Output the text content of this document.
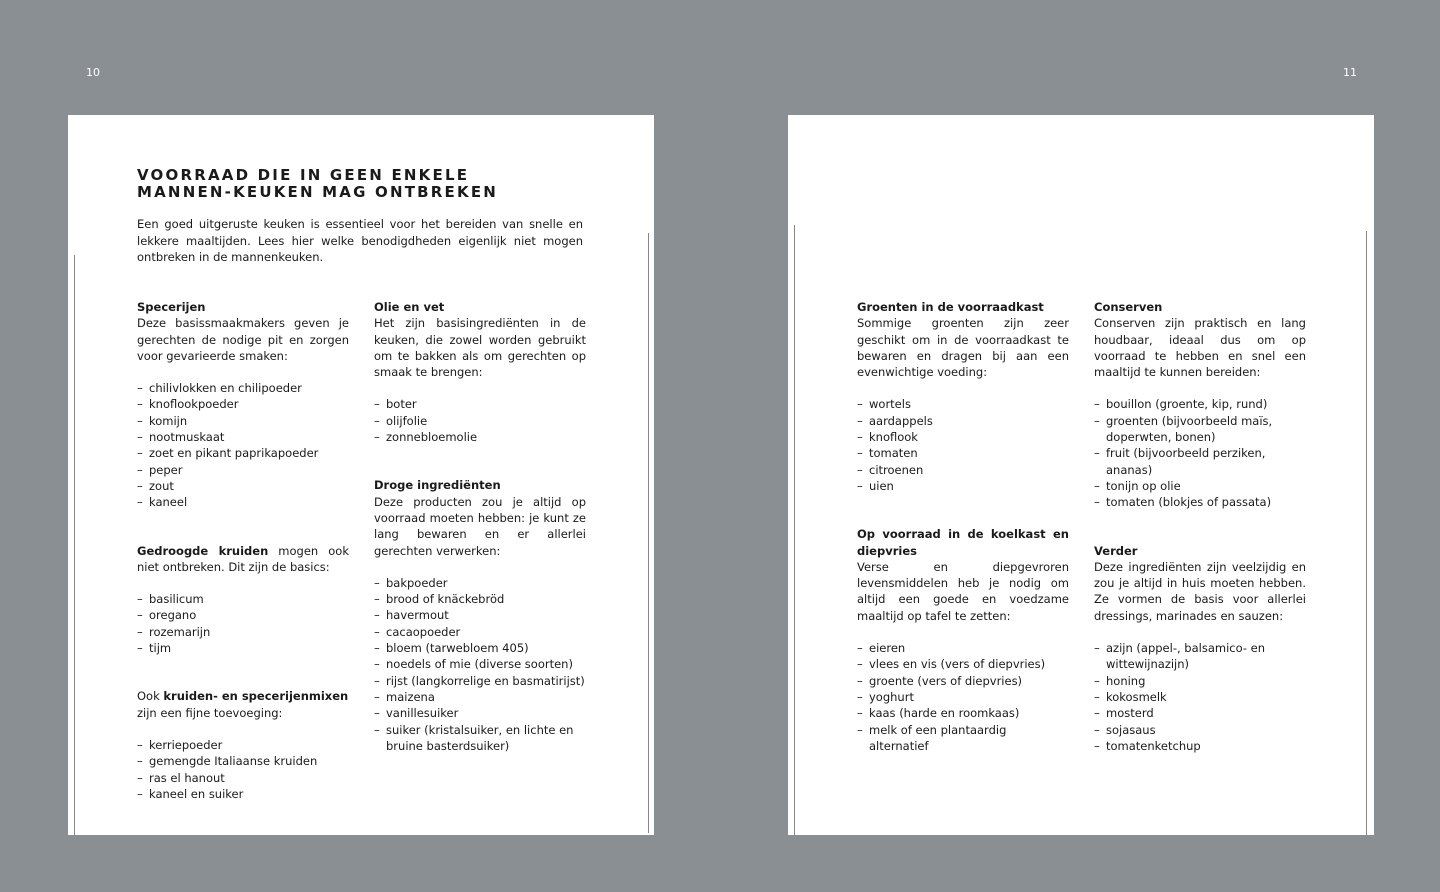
10	11
VOORRAAD DIE IN GEEN ENKELE MANNEN-KEUKEN MAG ONTBREKEN
Een goed uitgeruste keuken is essentieel voor het bereiden van snelle en lekkere maaltijden. Lees hier welke benodigdheden eigenlijk niet mogen ontbreken in de mannenkeuken.
Specerijen

Deze basissmaakmakers geven je gerechten de nodige pit en zorgen voor gevarieerde smaken:

– chilivlokken en chilipoeder
– knoflookpoeder
– komijn
– nootmuskaat
– zoet en pikant paprikapoeder
– peper
– zout
– kaneel

Gedroogde kruiden mogen ook niet ontbreken. Dit zijn de basics:

– basilicum
– oregano
– rozemarijn
– tijm

Ook kruiden- en specerijenmixen zijn een fijne toevoeging:

– kerriepoeder
– gemengde Italiaanse kruiden
– ras el hanout
– kaneel en suiker
Olie en vet

Het zijn basisingrediënten in de keuken, die zowel worden gebruikt om te bakken als om gerechten op smaak te brengen:

– boter
– olijfolie
– zonnebloemolie
Droge ingrediënten

Deze producten zou je altijd op voorraad moeten hebben: je kunt ze lang bewaren en er allerlei gerechten verwerken:

– bakpoeder
– brood of knäckebröd
– havermout
– cacaopoeder
– bloem (tarwebloem 405)
– noedels of mie (diverse soorten)
– rijst (langkorrelige en basmatirijst)
– maizena
– vanillesuiker
– suiker (kristalsuiker, en lichte en bruine basterdsuiker)
Groenten in de voorraadkast

Sommige groenten zijn zeer geschikt om in de voorraadkast te bewaren en dragen bij aan een evenwichtige voeding:

– wortels
– aardappels
– knoflook
– tomaten
– citroenen
– uien
Op voorraad in de koelkast en diepvries

Verse en diepgevroren levensmiddelen heb je nodig om altijd een goede en voedzame maaltijd op tafel te zetten:

– eieren
– vlees en vis (vers of diepvries)
– groente (vers of diepvries)
– yoghurt
– kaas (harde en roomkaas)
– melk of een plantaardig alternatief
Conserven

Conserven zijn praktisch en lang houdbaar, ideaal dus om op voorraad te hebben en snel een maaltijd te kunnen bereiden:

– bouillon (groente, kip, rund)
– groenten (bijvoorbeeld maïs, doperwten, bonen)
– fruit (bijvoorbeeld perziken, ananas)
– tonijn op olie
– tomaten (blokjes of passata)
Verder

Deze ingrediënten zijn veelzijdig en zou je altijd in huis moeten hebben. Ze vormen de basis voor allerlei dressings, marinades en sauzen:

– azijn (appel-, balsamico- en wittewijnazijn)
– honing
– kokosmelk
– mosterd
– sojasaus
– tomatenketchup
